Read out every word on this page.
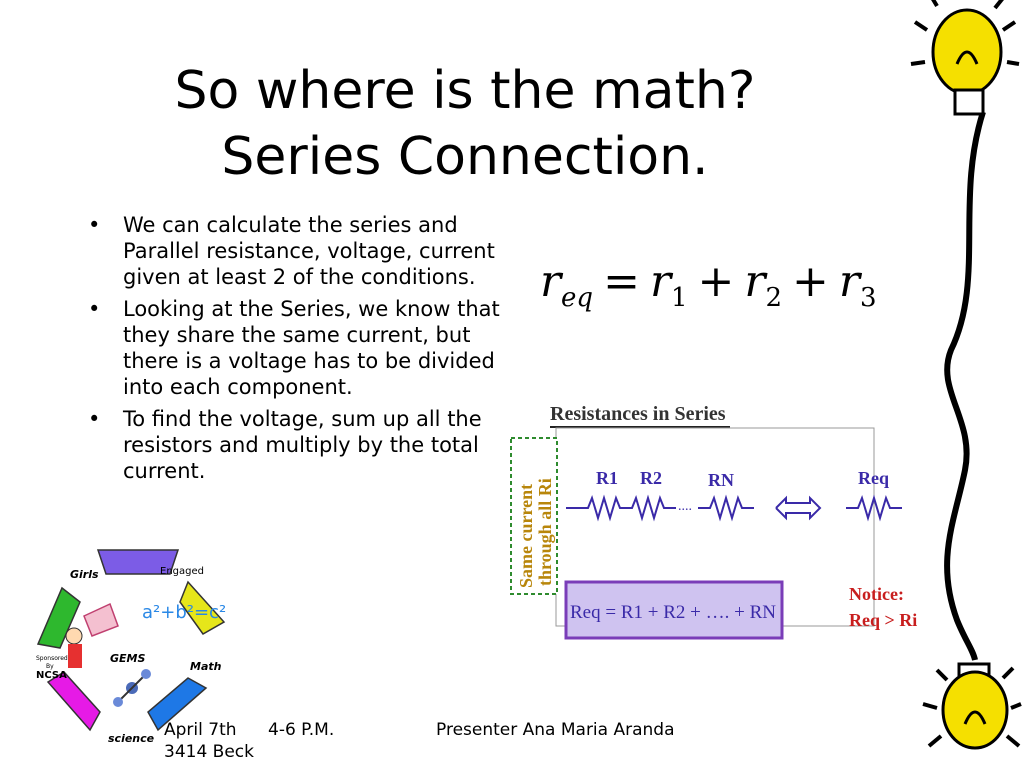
So where is the math?
Series Connection.
• We can calculate the series and Parallel resistance, voltage, current given at least 2 of the conditions.
• Looking at the Series, we know that they share the same current, but there is a voltage has to be divided into each component.
• To find the voltage, sum up all the resistors and multiply by the total current.
$r_{eq} = r_1 + r_2 + r_3$
Resistances in Series
Same current through all Ri	....
R1 R2	RN	Req
Req = R1 + R2 + …. + RN
Notice:
Req > Ri
a²+b²=c²
Girls	Engaged
Math
science
Sponsored
By
NCSA
GEMS
April 7th 4-6 P.M.
3414 Beck
Presenter Ana Maria Aranda
